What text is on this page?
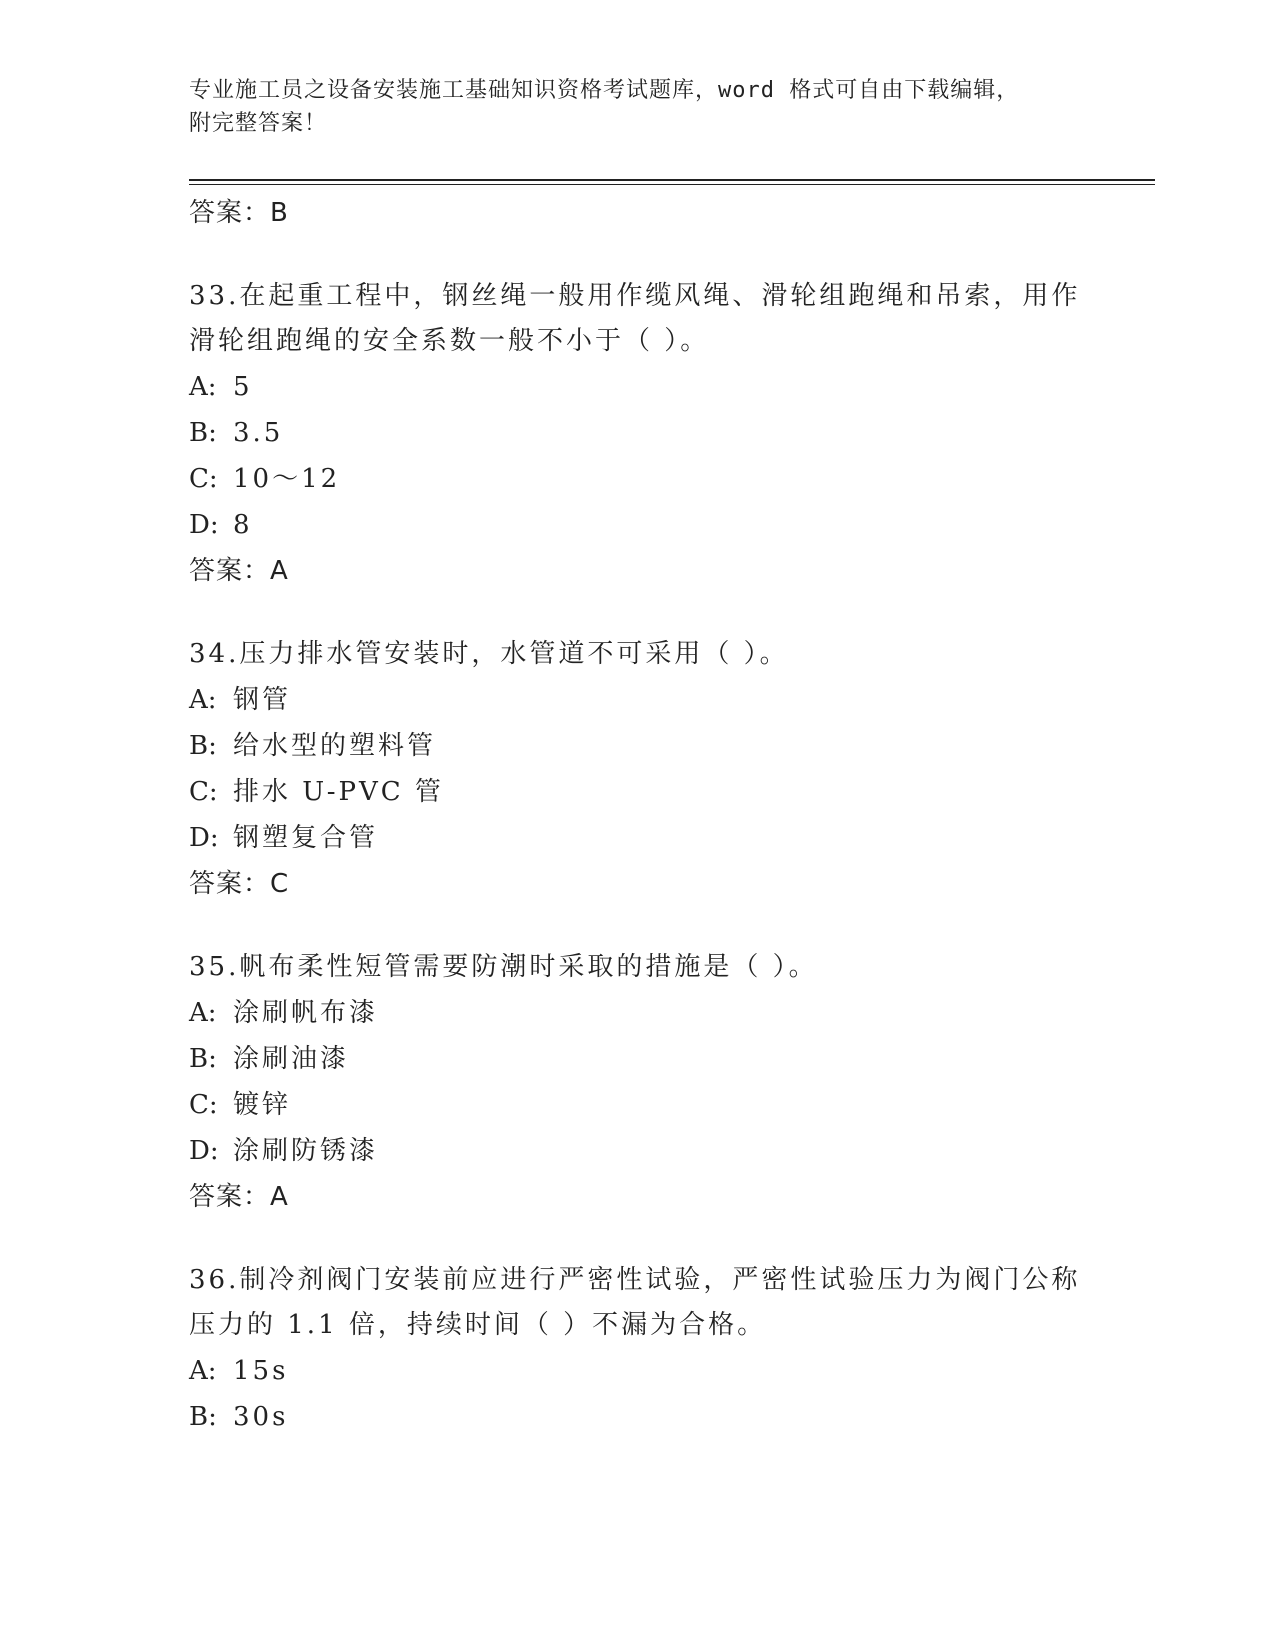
专业施工员之设备安装施工基础知识资格考试题库，word 格式可自由下载编辑，
附完整答案！
答案：B
33.在起重工程中，钢丝绳一般用作缆风绳、滑轮组跑绳和吊索，用作
滑轮组跑绳的安全系数一般不小于（ ）。
A: 5
B: 3.5
C: 10～12
D: 8
答案：A
34.压力排水管安装时，水管道不可采用（ ）。
A: 钢管
B: 给水型的塑料管
C: 排水 U-PVC 管
D: 钢塑复合管
答案：C
35.帆布柔性短管需要防潮时采取的措施是（ ）。
A: 涂刷帆布漆
B: 涂刷油漆
C: 镀锌
D: 涂刷防锈漆
答案：A
36.制冷剂阀门安装前应进行严密性试验，严密性试验压力为阀门公称
压力的 1.1 倍，持续时间（ ）不漏为合格。
A: 15s
B: 30s
